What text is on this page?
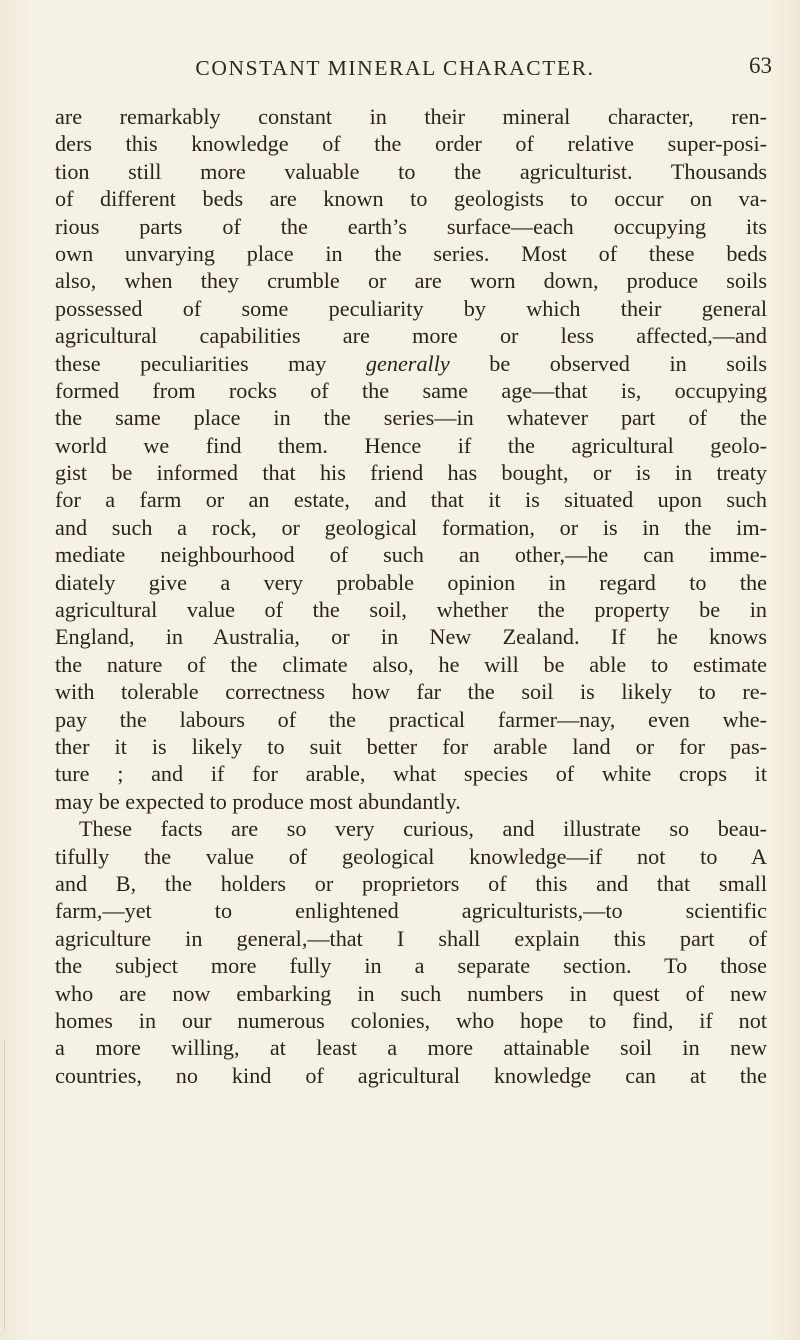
CONSTANT MINERAL CHARACTER.	63
are remarkably constant in their mineral character, ren-
ders this knowledge of the order of relative super-posi-
tion still more valuable to the agriculturist. Thousands
of different beds are known to geologists to occur on va-
rious parts of the earth’s surface—each occupying its
own unvarying place in the series. Most of these beds
also, when they crumble or are worn down, produce soils
possessed of some peculiarity by which their general
agricultural capabilities are more or less affected,—and
these peculiarities may generally be observed in soils
formed from rocks of the same age—that is, occupying
the same place in the series—in whatever part of the
world we find them. Hence if the agricultural geolo-
gist be informed that his friend has bought, or is in treaty
for a farm or an estate, and that it is situated upon such
and such a rock, or geological formation, or is in the im-
mediate neighbourhood of such an other,—he can imme-
diately give a very probable opinion in regard to the
agricultural value of the soil, whether the property be in
England, in Australia, or in New Zealand. If he knows
the nature of the climate also, he will be able to estimate
with tolerable correctness how far the soil is likely to re-
pay the labours of the practical farmer—nay, even whe-
ther it is likely to suit better for arable land or for pas-
ture ; and if for arable, what species of white crops it
may be expected to produce most abundantly.
These facts are so very curious, and illustrate so beau-
tifully the value of geological knowledge—if not to A
and B, the holders or proprietors of this and that small
farm,—yet to enlightened agriculturists,—to scientific
agriculture in general,—that I shall explain this part of
the subject more fully in a separate section. To those
who are now embarking in such numbers in quest of new
homes in our numerous colonies, who hope to find, if not
a more willing, at least a more attainable soil in new
countries, no kind of agricultural knowledge can at the
